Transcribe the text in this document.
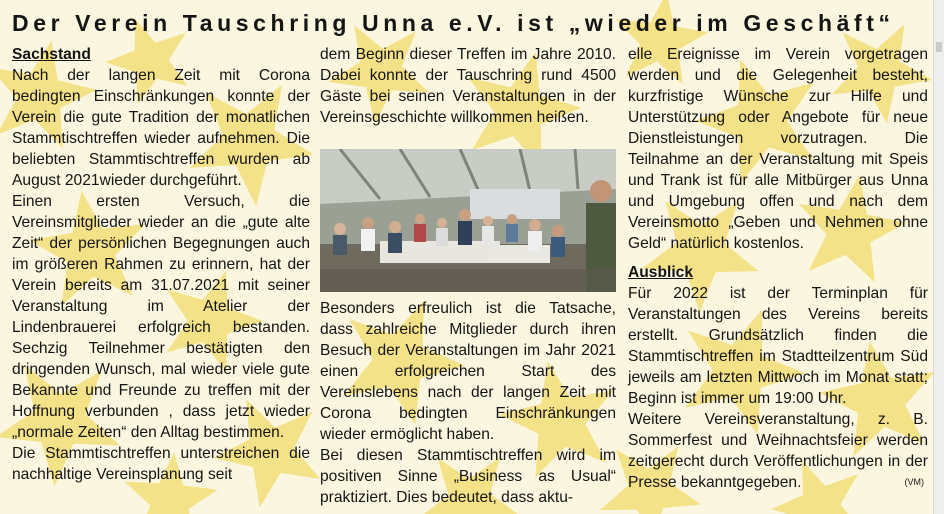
Der Verein Tauschring Unna e.V. ist „wieder im Geschäft“

Sachstand

Nach der langen Zeit mit Corona bedingten Einschränkungen konnte der Verein die gute Tradition der monatlichen Stammtischtreffen wieder aufnehmen. Die beliebten Stammtischtreffen wurden ab August 2021wieder durchgeführt.

Einen ersten Versuch, die Vereinsmitglieder wieder an die „gute alte Zeit“ der persönlichen Begegnungen auch im größeren Rahmen zu erinnern, hat der Verein bereits am 31.07.2021 mit seiner Veranstaltung im Atelier der Lindenbrauerei erfolgreich bestanden. Sechzig Teilnehmer bestätigten den dringenden Wunsch, mal wieder viele gute Bekannte und Freunde zu treffen mit der Hoffnung verbunden , dass jetzt wieder „normale Zeiten“ den Alltag bestimmen.

Die Stammtischtreffen unterstreichen die nachhaltige Vereinsplanung seit

dem Beginn dieser Treffen im Jahre 2010. Dabei konnte der Tauschring rund 4500 Gäste bei seinen Veranstaltungen in der Vereinsgeschichte willkommen heißen.

Besonders erfreulich ist die Tatsache, dass zahlreiche Mitglieder durch ihren Besuch der Veranstaltungen im Jahr 2021 einen erfolgreichen Start des Vereinslebens nach der langen Zeit mit Corona bedingten Einschränkungen wieder ermöglicht haben.

Bei diesen Stammtischtreffen wird im positiven Sinne „Business as Usual“ praktiziert. Dies bedeutet, dass aktu-

elle Ereignisse im Verein vorgetragen werden und die Gelegenheit besteht, kurzfristige Wünsche zur Hilfe und Unterstützung oder Angebote für neue Dienstleistungen vorzutragen. Die Teilnahme an der Veranstaltung mit Speis und Trank ist für alle Mitbürger aus Unna und Umgebung offen und nach dem Vereinsmotto „Geben und Nehmen ohne Geld“ natürlich kostenlos.

Ausblick

Für 2022 ist der Terminplan für Veranstaltungen des Vereins bereits erstellt. Grundsätzlich finden die Stammtischtreffen im Stadtteilzentrum Süd jeweils am letzten Mittwoch im Monat statt; Beginn ist immer um 19:00 Uhr.

Weitere Vereinsveranstaltung, z. B. Sommerfest und Weihnachtsfeier werden zeitgerecht durch Veröffentlichungen in der Presse bekanntgegeben.	(VM)
